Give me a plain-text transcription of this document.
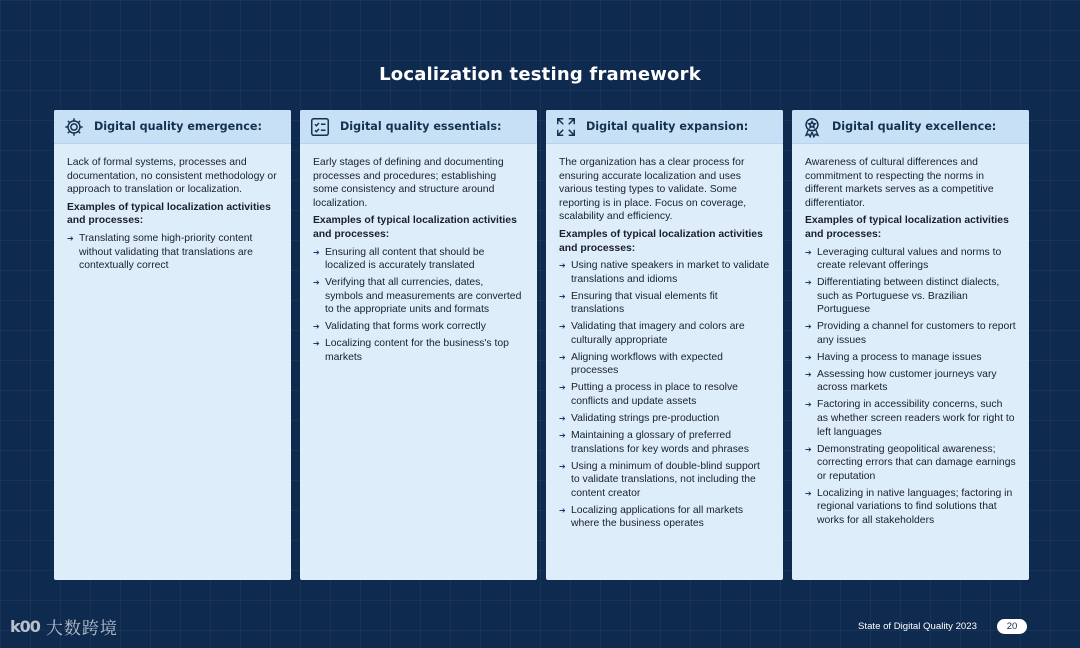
Localization testing framework
Digital quality emergence:

Lack of formal systems, processes and documentation, no consistent methodology or approach to translation or localization.

Examples of typical localization activities and processes:

➔ Translating some high-priority content without validating that translations are contextually correct
Digital quality essentials:

Early stages of defining and documenting processes and procedures; establishing some consistency and structure around localization.

Examples of typical localization activities and processes:

➔ Ensuring all content that should be localized is accurately translated
➔ Verifying that all currencies, dates, symbols and measurements are converted to the appropriate units and formats
➔ Validating that forms work correctly
➔ Localizing content for the business's top markets
Digital quality expansion:

The organization has a clear process for ensuring accurate localization and uses various testing types to validate. Some reporting is in place. Focus on coverage, scalability and efficiency.

Examples of typical localization activities and processes:

➔ Using native speakers in market to validate translations and idioms
➔ Ensuring that visual elements fit translations
➔ Validating that imagery and colors are culturally appropriate
➔ Aligning workflows with expected processes
➔ Putting a process in place to resolve conflicts and update assets
➔ Validating strings pre-production
➔ Maintaining a glossary of preferred translations for key words and phrases
➔ Using a minimum of double-blind support to validate translations, not including the content creator
➔ Localizing applications for all markets where the business operates
Digital quality excellence:

Awareness of cultural differences and commitment to respecting the norms in different markets serves as a competitive differentiator.

Examples of typical localization activities and processes:

➔ Leveraging cultural values and norms to create relevant offerings
➔ Differentiating between distinct dialects, such as Portuguese vs. Brazilian Portuguese
➔ Providing a channel for customers to report any issues
➔ Having a process to manage issues
➔ Assessing how customer journeys vary across markets
➔ Factoring in accessibility concerns, such as whether screen readers work for right to left languages
➔ Demonstrating geopolitical awareness; correcting errors that can damage earnings or reputation
➔ Localizing in native languages; factoring in regional variations to find solutions that works for all stakeholders
k00 大数跨境	State of Digital Quality 2023	20
